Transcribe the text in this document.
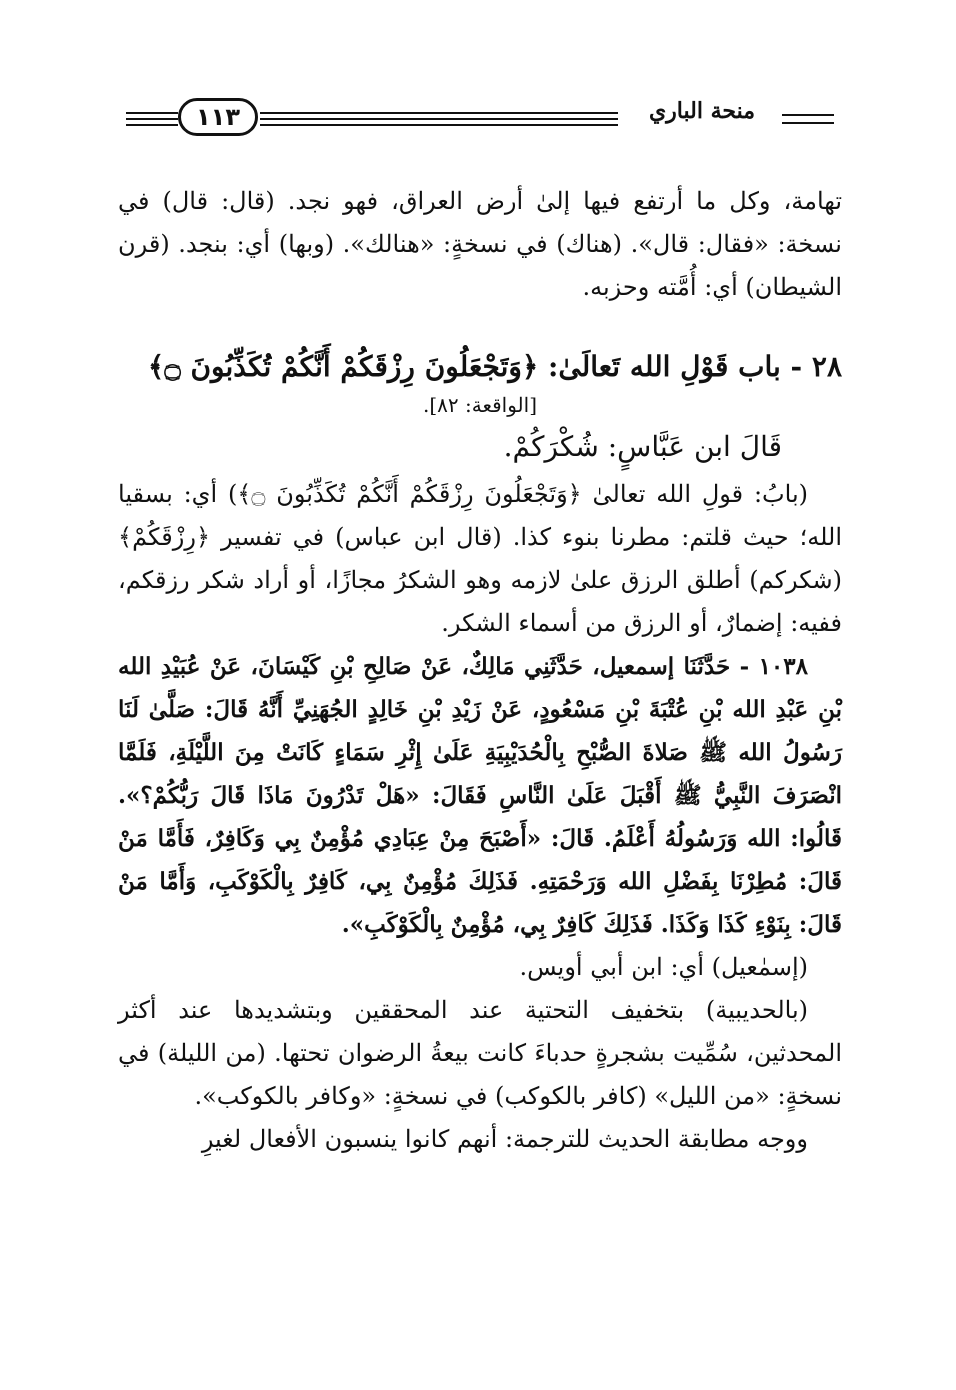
١١٣	منحة الباري

تهامة، وكل ما أرتفع فيها إلىٰ أرض العراق، فهو نجد. (قال: قال) في نسخة: «فقال: قال». (هناك) في نسخةٍ: «هنالك». (وبها) أي: بنجد. (قرن الشيطان) أي: أُمَّته وحزبه.

٢٨ - باب قَوْلِ الله تَعالَىٰ: ﴿وَتَجْعَلُونَ رِزْقَكُمْ أَنَّكُمْ تُكَذِّبُونَ ۝﴾

[الواقعة: ٨٢].

قَالَ ابن عَبَّاسٍ: شُكْرَكُمْ.

(بابُ: قولِ الله تعالىٰ ﴿وَتَجْعَلُونَ رِزْقَكُمْ أَنَّكُمْ تُكَذِّبُونَ ۝﴾) أي: بسقيا الله؛ حيث قلتم: مطرنا بنوء كذا. (قال ابن عباس) في تفسير ﴿رِزْقَكُمْ﴾ (شكركم) أطلق الرزق علىٰ لازمه وهو الشكرُ مجازًا، أو أراد شكر رزقكم، ففيه: إضمارٌ، أو الرزق من أسماء الشكر.

١٠٣٨ - حَدَّثَنَا إسمعيل، حَدَّثَنِي مَالِكٌ، عَنْ صَالِحِ بْنِ كَيْسَانَ، عَنْ عُبَيْدِ الله بْنِ عَبْدِ الله بْنِ عُتْبَةَ بْنِ مَسْعُودٍ، عَنْ زَيْدِ بْنِ خَالِدٍ الجُهَنِيِّ أَنَّهُ قَالَ: صَلَّىٰ لَنَا رَسُولُ الله ﷺ صَلاةَ الصُّبْحِ بِالْحُدَيْبِيَةِ عَلَىٰ إِثْرِ سَمَاءٍ كَانَتْ مِنَ اللَّيْلَةِ، فَلَمَّا انْصَرَفَ النَّبِيُّ ﷺ أَقْبَلَ عَلَىٰ النَّاسِ فَقَالَ: «هَلْ تَدْرُونَ مَاذَا قَالَ رَبُّكُمْ؟». قَالُوا: الله وَرَسُولُهُ أَعْلَمُ. قَالَ: «أَصْبَحَ مِنْ عِبَادِي مُؤْمِنٌ بِي وَكَافِرٌ، فَأَمَّا مَنْ قَالَ: مُطِرْنَا بِفَضْلِ الله وَرَحْمَتِهِ. فَذَلِكَ مُؤْمِنٌ بِي، كَافِرٌ بِالْكَوْكَبِ، وَأَمَّا مَنْ قَالَ: بِنَوْءِ كَذَا وَكَذَا. فَذَلِكَ كَافِرٌ بِي، مُؤْمِنٌ بِالْكَوْكَبِ».

(إسمٰعيل) أي: ابن أبي أويس.

(بالحديبية) بتخفيف التحتية عند المحققين وبتشديدها عند أكثر المحدثين، سُمِّيت بشجرةٍ حدباءَ كانت بيعةُ الرضوان تحتها. (من الليلة) في نسخةٍ: «من الليل» (كافر بالكوكب) في نسخةٍ: «وكافر بالكوكب».

ووجه مطابقة الحديث للترجمة: أنهم كانوا ينسبون الأفعال لغيرِ
